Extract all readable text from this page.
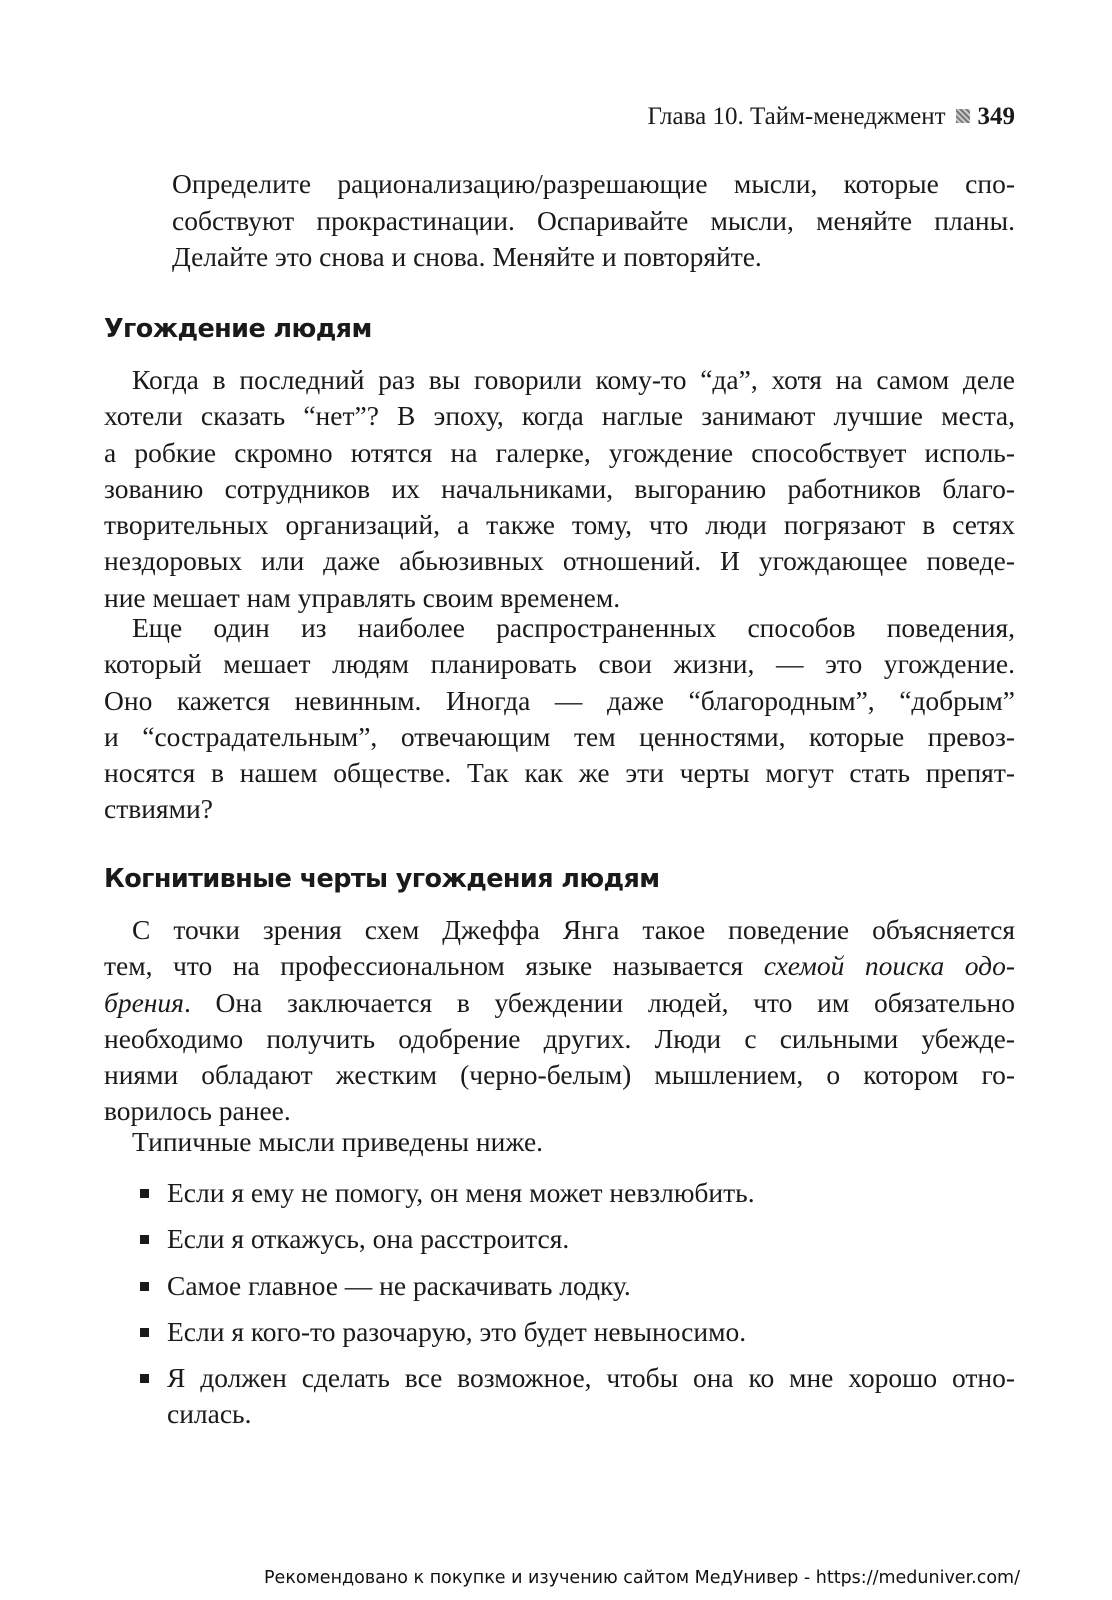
Глава 10. Тайм-менеджмент 349
Определите рационализацию/разрешающие мысли, которые спо-
собствуют прокрастинации. Оспаривайте мысли, меняйте планы.
Делайте это снова и снова. Меняйте и повторяйте.
Угождение людям
Когда в последний раз вы говорили кому-то “да”, хотя на самом деле
хотели сказать “нет”? В эпоху, когда наглые занимают лучшие места,
а робкие скромно ютятся на галерке, угождение способствует исполь-
зованию сотрудников их начальниками, выгоранию работников благо-
творительных организаций, а также тому, что люди погрязают в сетях
нездоровых или даже абьюзивных отношений. И угождающее поведе-
ние мешает нам управлять своим временем.
Еще один из наиболее распространенных способов поведения,
который мешает людям планировать свои жизни, — это угождение.
Оно кажется невинным. Иногда — даже “благородным”, “добрым”
и “сострадательным”, отвечающим тем ценностями, которые превоз-
носятся в нашем обществе. Так как же эти черты могут стать препят-
ствиями?
Когнитивные черты угождения людям
С точки зрения схем Джеффа Янга такое поведение объясняется
тем, что на профессиональном языке называется схемой поиска одо-
брения. Она заключается в убеждении людей, что им обязательно
необходимо получить одобрение других. Люди с сильными убежде-
ниями обладают жестким (черно-белым) мышлением, о котором го-
ворилось ранее.
Типичные мысли приведены ниже.
Если я ему не помогу, он меня может невзлюбить.
Если я откажусь, она расстроится.
Самое главное — не раскачивать лодку.
Если я кого-то разочарую, это будет невыносимо.
Я должен сделать все возможное, чтобы она ко мне хорошо отно-
силась.
Рекомендовано к покупке и изучению сайтом МедУнивер - https://meduniver.com/
